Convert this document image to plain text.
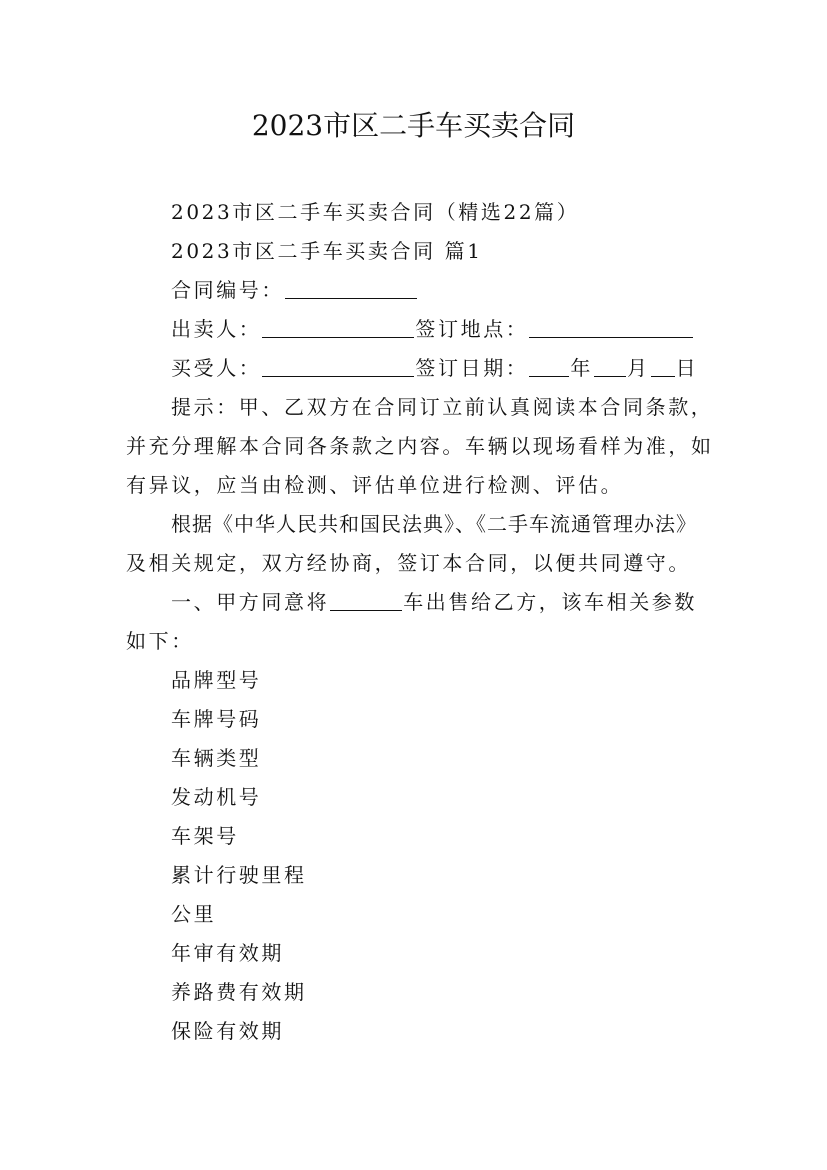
2023市区二手车买卖合同
2023市区二手车买卖合同（精选22篇）
2023市区二手车买卖合同 篇1
合同编号：
出卖人：	签订地点：
买受人：	签订日期： 年 月 日
提示：甲、乙双方在合同订立前认真阅读本合同条款，
并充分理解本合同各条款之内容。车辆以现场看样为准，如
有异议，应当由检测、评估单位进行检测、评估。
根据《中华人民共和国民法典》、《二手车流通管理办法》
及相关规定，双方经协商，签订本合同，以便共同遵守。
一、甲方同意将	车出售给乙方，该车相关参数
如下：
品牌型号
车牌号码
车辆类型
发动机号
车架号
累计行驶里程
公里
年审有效期
养路费有效期
保险有效期
